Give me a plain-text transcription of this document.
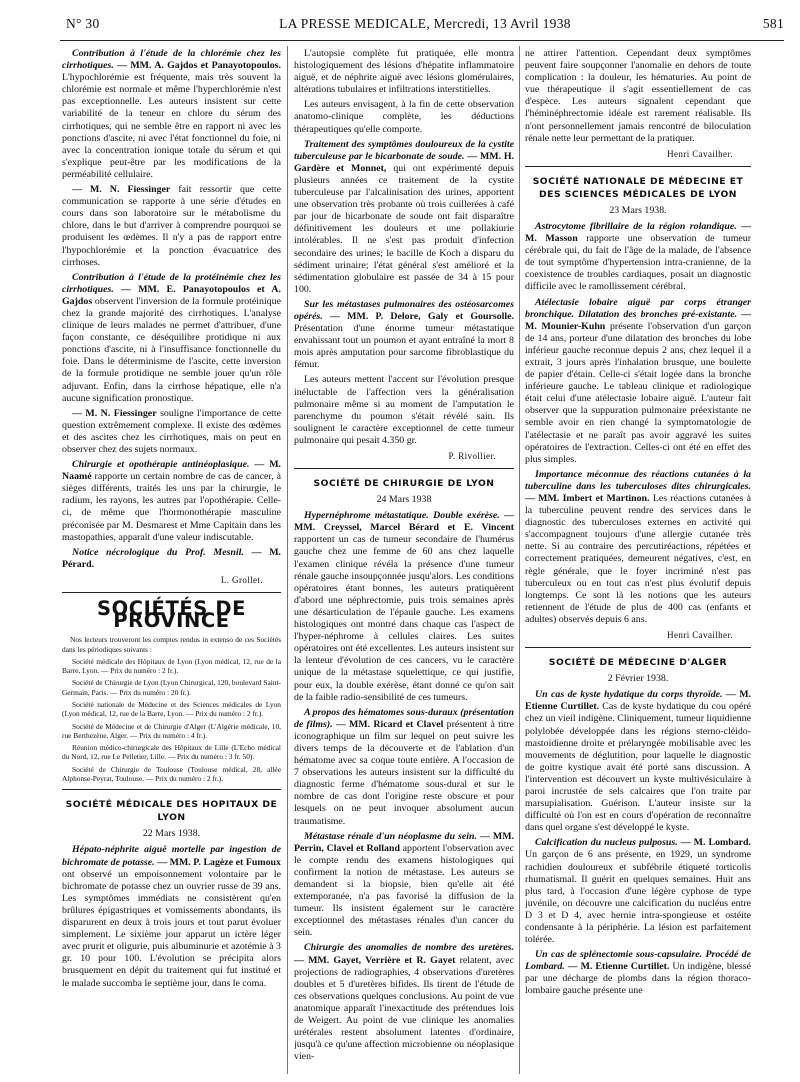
N° 30	LA PRESSE MEDICALE, Mercredi, 13 Avril 1938	581

Contribution à l'étude de la chlorémie chez les cirrhotiques. — MM. A. Gajdos et Panayotopoulos. L'hypochlorémie est fréquente, mais très souvent la chlorémie est normale et même l'hyperchlorémie n'est pas exceptionnelle. Les auteurs insistent sur cette variabilité de la teneur en chlore du sérum des cirrhotiques, qui ne semble être en rapport ni avec les ponctions d'ascite, ni avec l'état fonctionnel du foie, ni avec la concentration ionique totale du sérum et qui s'explique peut-être par les modifications de la perméabilité cellulaire.

— M. N. Fiessinger fait ressortir que cette communication se rapporte à une série d'études en cours dans son laboratoire sur le métabolisme du chlore, dans le but d'arriver à comprendre pourquoi se produisent les œdèmes. Il n'y a pas de rapport entre l'hypochlorémie et la ponction évacuatrice des cirrhoses.

Contribution à l'étude de la protéinémie chez les cirrhotiques. — MM. E. Panayotopoulos et A. Gajdos observent l'inversion de la formule protéinique chez la grande majorité des cirrhotiques. L'analyse clinique de leurs malades ne permet d'attribuer, d'une façon constante, ce déséquilibre protidique ni aux ponctions d'ascite, ni à l'insuffisance fonctionnelle du foie. Dans le déterminisme de l'ascite, cette inversion de la formule protidique ne semble jouer qu'un rôle adjuvant. Enfin, dans la cirrhose hépatique, elle n'a aucune signification pronostique.

— M. N. Fiessinger souligne l'importance de cette question extrêmement complexe. Il existe des œdèmes et des ascites chez les cirrhotiques, mais on peut en observer chez des sujets normaux.

Chirurgie et opothérapie antinéoplasique. — M. Naamé rapporte un certain nombre de cas de cancer, à sièges différents, traités les uns par la chirurgie, le radium, les rayons, les autres par l'opothérapie. Celle-ci, de même que l'hormonothérapie masculine préconisée par M. Desmarest et Mme Capitain dans les mastopathies, apparaît d'une valeur indiscutable.

Notice nécrologique du Prof. Mesnil. — M. Pérard.

L. Grollet.

SOCIÉTÉS DE PROVINCE

Nos lecteurs trouveront les comptes rendus in extenso de ces Sociétés dans les périodiques suivants :

Société médicale des Hôpitaux de Lyon (Lyon médical, 12, rue de la Barre, Lyon. — Prix du numéro : 2 fr.).

Société de Chirurgie de Lyon (Lyon Chirurgical, 120, boulevard Saint-Germain, Paris. — Prix du numéro : 20 fr.).

Société nationale de Médecine et des Sciences médicales de Lyon (Lyon médical, 12, rue de la Barre, Lyon. — Prix du numéro : 2 fr.).

Société de Médecine et de Chirurgie d'Alger (L'Algérie médicale, 10, rue Berthezène, Alger. — Prix du numéro : 4 fr.).

Réunion médico-chirurgicale des Hôpitaux de Lille (L'Echo médical du Nord, 12, rue Le Pelletier, Lille. — Prix du numéro : 3 fr. 50).

Société de Chirurgie de Toulouse (Toulouse médical, 28, allée Alphonse-Peyrat, Toulouse. — Prix du numéro : 2 fr.).

SOCIÉTÉ MÉDICALE DES HOPITAUX DE LYON

22 Mars 1938.

Hépato-néphrite aiguë mortelle par ingestion de bichromate de potasse. — MM. P. Lagèze et Fumoux ont observé un empoisonnement volontaire par le bichromate de potasse chez un ouvrier russe de 39 ans. Les symptômes immédiats ne consistèrent qu'en brûlures épigastriques et vomissements abondants, ils disparurent en deux à trois jours et tout parut évoluer simplement. Le sixième jour apparut un ictère léger avec prurit et oligurie, puis albuminurie et azotémie à 3 gr. 10 pour 100. L'évolution se précipita alors brusquement en dépit du traitement qui fut institué et le malade succomba le septième jour, dans le coma.

L'autopsie complète fut pratiquée, elle montra histologiquement des lésions d'hépatite inflammatoire aiguë, et de néphrite aiguë avec lésions glomérulaires, altérations tubulaires et infiltrations interstitielles.

Les auteurs envisagent, à la fin de cette observation anatomo-clinique complète, les déductions thérapeutiques qu'elle comporte.

Traitement des symptômes douloureux de la cystite tuberculeuse par le bicarbonate de soude. — MM. H. Gardère et Monnet, qui ont expérimenté depuis plusieurs années ce traitement de la cystite tuberculeuse par l'alcalinisation des urines, apportent une observation très probante où trois cuillerées à café par jour de bicarbonate de soude ont fait disparaître définitivement les douleurs et une pollakiurie intolérables. Il ne s'est pas produit d'infection secondaire des urines; le bacille de Koch a disparu du sédiment urinaire; l'état général s'est amélioré et la sédimentation globulaire est passée de 34 à 15 pour 100.

Sur les métastases pulmonaires des ostéosarcomes opérés. — MM. P. Delore, Galy et Goursolle. Présentation d'une énorme tumeur métastatique envahissant tout un poumon et ayant entraîné la mort 8 mois après amputation pour sarcome fibroblastique du fémur.

Les auteurs mettent l'accent sur l'évolution presque inéluctable de l'affection vers la généralisation pulmonaire même si au moment de l'amputation le parenchyme du poumon s'était révélé sain. Ils soulignent le caractère exceptionnel de cette tumeur pulmonaire qui pesait 4.350 gr.

P. Rivollier.

SOCIÉTÉ DE CHIRURGIE DE LYON

24 Mars 1938

Hypernéphrome métastatique. Double exérèse. — MM. Creyssel, Marcel Bérard et E. Vincent rapportent un cas de tumeur secondaire de l'humérus gauche chez une femme de 60 ans chez laquelle l'examen clinique révéla la présence d'une tumeur rénale gauche insoupçonnée jusqu'alors. Les conditions opératoires étant bonnes, les auteurs pratiquèrent d'abord une néphrectomie, puis trois semaines après une désarticulation de l'épaule gauche. Les examens histologiques ont montré dans chaque cas l'aspect de l'hyper-néphrome à cellules claires. Les suites opératoires ont été excellentes. Les auteurs insistent sur la lenteur d'évolution de ces cancers, vu le caractère unique de la métastase squelettique, ce qui justifie, pour eux, la double exérèse, étant donné ce qu'on sait de la faible radio-sensibilité de ces tumeurs.

A propos des hématomes sous-duraux (présentation de films). — MM. Ricard et Clavel présentent à titre iconographique un film sur lequel on peut suivre les divers temps de la découverte et de l'ablation d'un hématome avec sa coque toute entière. A l'occasion de 7 observations les auteurs insistent sur la difficulté du diagnostic ferme d'hématome sous-dural et sur le nombre de cas dont l'origine reste obscure et pour lesquels on ne peut invoquer absolument aucun traumatisme.

Métastase rénale d'un néoplasme du sein. — MM. Perrin, Clavel et Rolland apportent l'observation avec le compte rendu des examens histologiques qui confirment la notion de métastase. Les auteurs se demandent si la biopsie, bien qu'elle ait été extemporanée, n'a pas favorisé la diffusion de la tumeur. Ils insistent également sur le caractère exceptionnel des métastases rénales d'un cancer du sein.

Chirurgie des anomalies de nombre des uretères. — MM. Gayet, Verrière et R. Gayet relatent, avec projections de radiographies, 4 observations d'uretères doubles et 5 d'uretères bifides. Ils tirent de l'étude de ces observations quelques conclusions. Au point de vue anatomique apparaît l'inexactitude des prétendues lois de Weigert. Au point de vue clinique les anomalies urétérales restent absolument latentes d'ordinaire, jusqu'à ce qu'une affection microbienne ou néoplasique vien-

ne attirer l'attention. Cependant deux symptômes peuvent faire soupçonner l'anomalie en dehors de toute complication : la douleur, les hématuries. Au point de vue thérapeutique il s'agit essentiellement de cas d'espèce. Les auteurs signalent cependant que l'héminéphrectomie idéale est rarement réalisable. Ils n'ont personnellement jamais rencontré de biloculation rénale nette leur permettant de la pratiquer.

Henri Cavailher.

SOCIÉTÉ NATIONALE DE MÉDECINE ET DES SCIENCES MÉDICALES DE LYON

23 Mars 1938.

Astrocytome fibrillaire de la région rolandique. — M. Masson rapporte une observation de tumeur cérébrale qui, du fait de l'âge de la malade, de l'absence de tout symptôme d'hypertension intra-cranienne, de la coexistence de troubles cardiaques, posait un diagnostic difficile avec le ramollissement cérébral.

Atélectasie lobaire aiguë par corps étranger bronchique. Dilatation des bronches pré-existante. — M. Mounier-Kuhn présente l'observation d'un garçon de 14 ans, porteur d'une dilatation des bronches du lobe inférieur gauche reconnue depuis 2 ans, chez lequel il a extrait, 3 jours après l'inhalation brusque, une boulette de papier d'étain. Celle-ci s'était logée dans la bronche inférieure gauche. Le tableau clinique et radiologique était celui d'une atélectasie lobaire aiguë. L'auteur fait observer que la suppuration pulmonaire préexistante ne semble avoir en rien changé la symptomatologie de l'atélectasie et ne paraît pas avoir aggravé les suites opératoires de l'extraction. Celles-ci ont été en effet des plus simples.

Importance méconnue des réactions cutanées à la tuberculine dans les tuberculoses dites chirurgicales. — MM. Imbert et Martinon. Les réactions cutanées à la tuberculine peuvent rendre des services dans le diagnostic des tuberculoses externes en activité qui s'accompagnent toujours d'une allergie cutanée très nette. Si au contraire des percutiréactions, répétées et correctement pratiquées, demeurent négatives, c'est, en règle générale, que le foyer incriminé n'est pas tuberculeux ou en tout cas n'est plus évolutif depuis longtemps. Ce sont là les notions que les auteurs retiennent de l'étude de plus de 400 cas (enfants et adultes) observés depuis 6 ans.

Henri Cavailher.

SOCIÉTÉ DE MÉDECINE D'ALGER

2 Février 1938.

Un cas de kyste hydatique du corps thyroïde. — M. Etienne Curtillet. Cas de kyste hydatique du cou opéré chez un vieil indigène. Cliniquement, tumeur liquidienne polylobée développée dans les régions sterno-cléido-mastoïdienne droite et prélaryngée mobilisable avec les mouvements de déglutition, pour laquelle le diagnostic de goitre kystique avait été porté sans discussion. A l'intervention est découvert un kyste multivésiculaire à paroi incrustée de sels calcaires que l'on traite par marsupialisation. Guérison. L'auteur insiste sur la difficulté où l'on est en cours d'opération de reconnaître dans quel organe s'est développé le kyste.

Calcification du nucleus pulposus. — M. Lombard. Un garçon de 6 ans présente, en 1929, un syndrome rachidien douloureux et subfébrile étiqueté torticolis rhumatismal. Il guérit en quelques semaines. Huit ans plus tard, à l'occasion d'une légère cyphose de type juvénile, on découvre une calcification du nucléus entre D 3 et D 4, avec hernie intra-spongieuse et ostéite condensante à la périphérie. La lésion est parfaitement tolérée.

Un cas de splénectomie sous-capsulaire. Procédé de Lombard. — M. Etienne Curtillet. Un indigène, blessé par une décharge de plombs dans la région thoraco-lombaire gauche présente une
